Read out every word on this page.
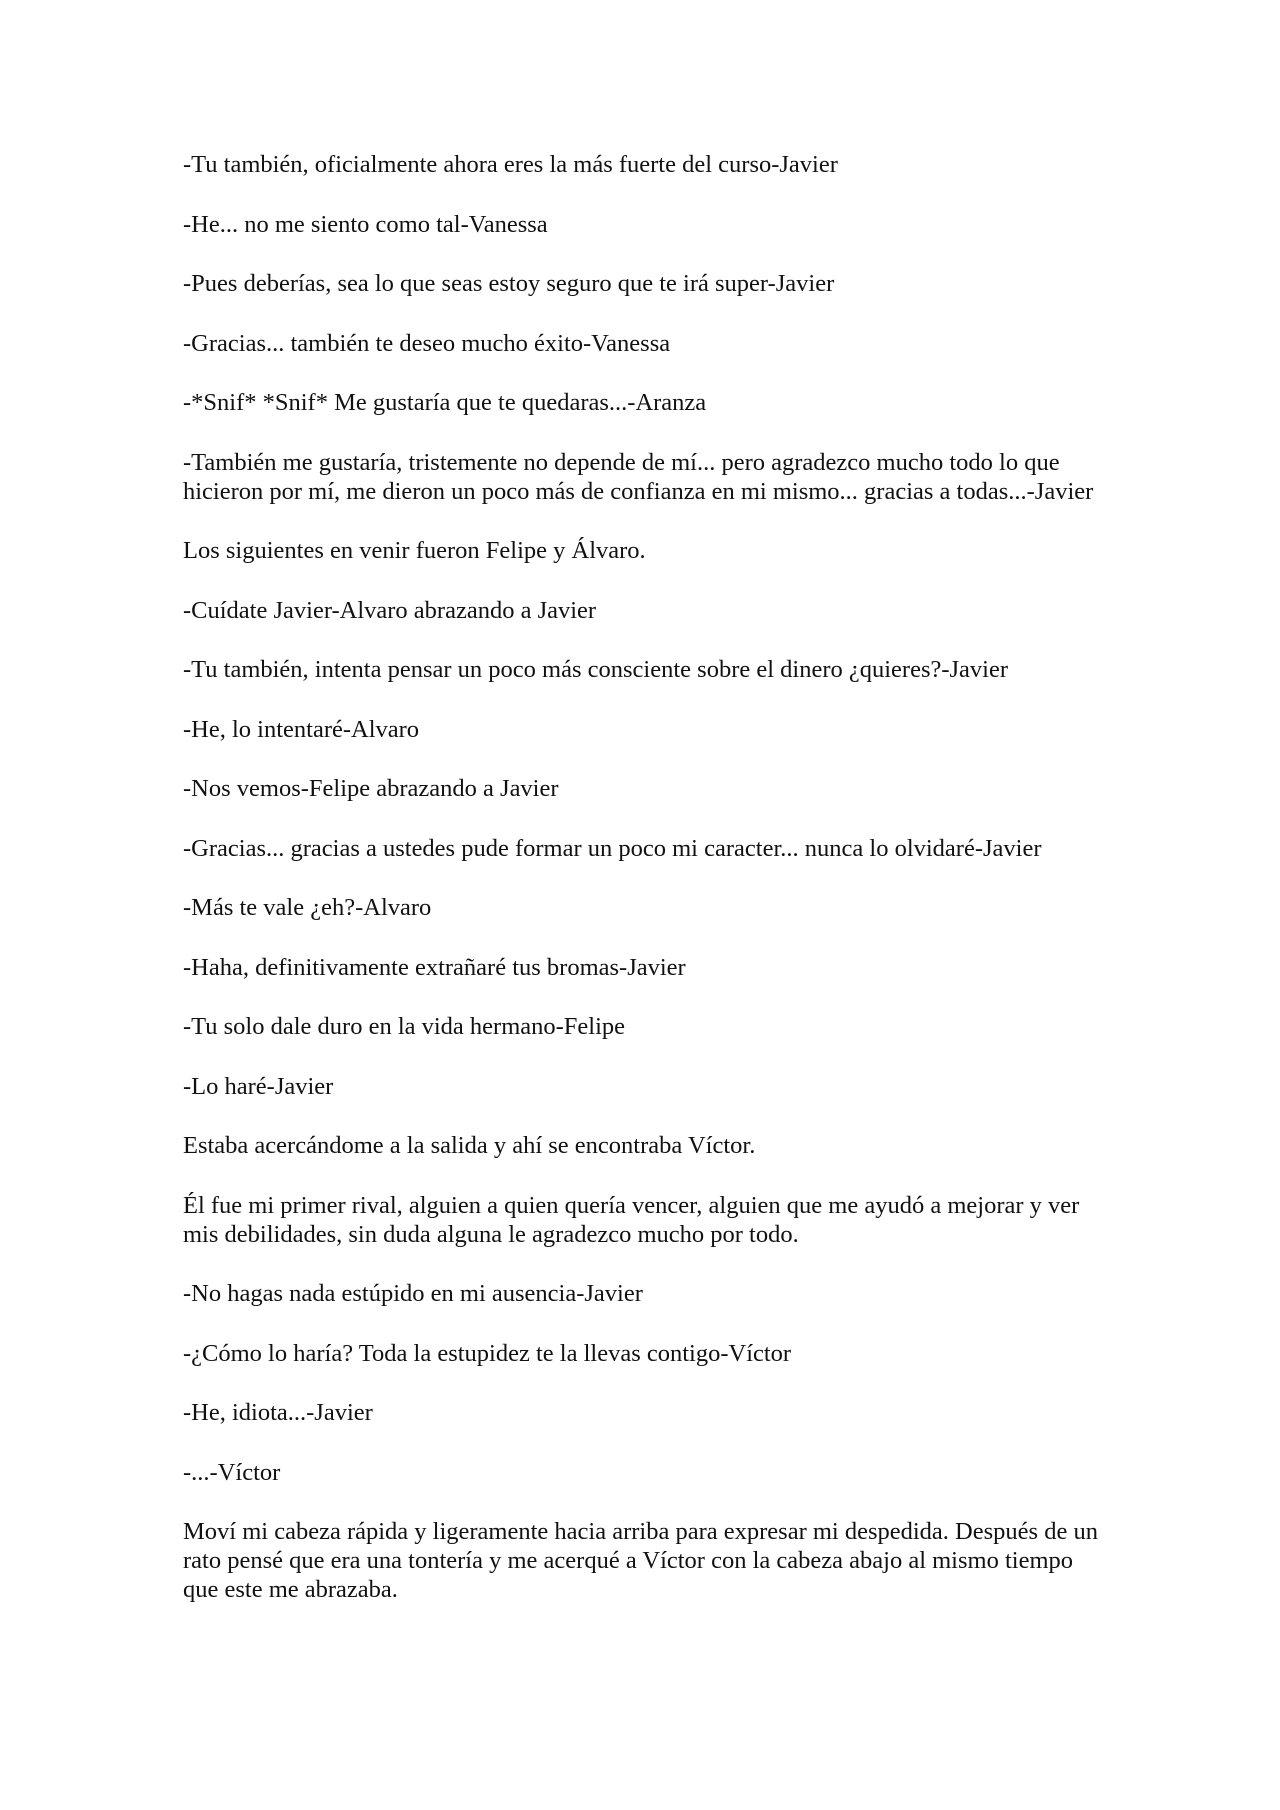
-Tu también, oficialmente ahora eres la más fuerte del curso-Javier

-He... no me siento como tal-Vanessa

-Pues deberías, sea lo que seas estoy seguro que te irá super-Javier

-Gracias... también te deseo mucho éxito-Vanessa

-*Snif* *Snif* Me gustaría que te quedaras...-Aranza

-También me gustaría, tristemente no depende de mí... pero agradezco mucho todo lo que hicieron por mí, me dieron un poco más de confianza en mi mismo... gracias a todas...-Javier

Los siguientes en venir fueron Felipe y Álvaro.

-Cuídate Javier-Alvaro abrazando a Javier

-Tu también, intenta pensar un poco más consciente sobre el dinero ¿quieres?-Javier

-He, lo intentaré-Alvaro

-Nos vemos-Felipe abrazando a Javier

-Gracias... gracias a ustedes pude formar un poco mi caracter... nunca lo olvidaré-Javier

-Más te vale ¿eh?-Alvaro

-Haha, definitivamente extrañaré tus bromas-Javier

-Tu solo dale duro en la vida hermano-Felipe

-Lo haré-Javier

Estaba acercándome a la salida y ahí se encontraba Víctor.

Él fue mi primer rival, alguien a quien quería vencer, alguien que me ayudó a mejorar y ver mis debilidades, sin duda alguna le agradezco mucho por todo.

-No hagas nada estúpido en mi ausencia-Javier

-¿Cómo lo haría? Toda la estupidez te la llevas contigo-Víctor

-He, idiota...-Javier

-...-Víctor

Moví mi cabeza rápida y ligeramente hacia arriba para expresar mi despedida. Después de un rato pensé que era una tontería y me acerqué a Víctor con la cabeza abajo al mismo tiempo que este me abrazaba.
